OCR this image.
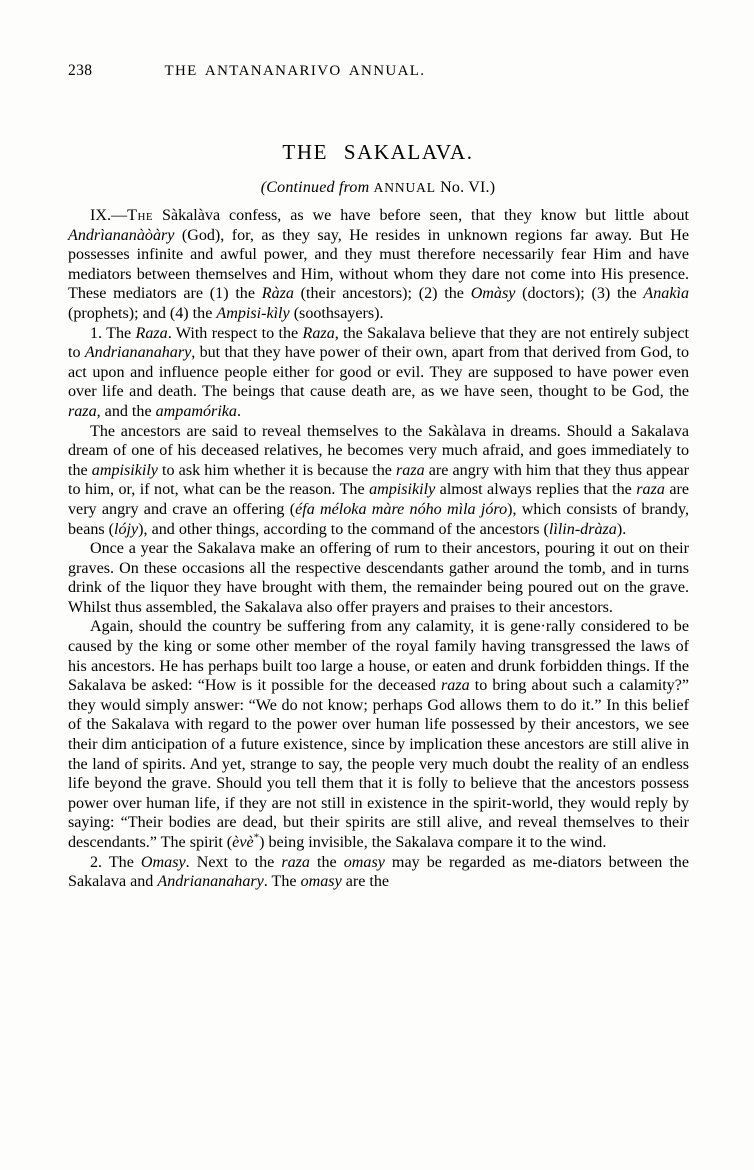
238	THE ANTANANARIVO ANNUAL.
THE SAKALAVA.
(Continued from ANNUAL No. VI.)

IX.—The Sàkalàva confess, as we have before seen, that they know but little about Andrìananàòàry (God), for, as they say, He resides in unknown regions far away. But He possesses infinite and awful power, and they must therefore necessarily fear Him and have mediators between themselves and Him, without whom they dare not come into His presence. These mediators are (1) the Ràza (their ancestors); (2) the Omàsy (doctors); (3) the Anakìa (prophets); and (4) the Ampisi-kìly (soothsayers).

1. The Raza. With respect to the Raza, the Sakalava believe that they are not entirely subject to Andriananahary, but that they have power of their own, apart from that derived from God, to act upon and influence people either for good or evil. They are supposed to have power even over life and death. The beings that cause death are, as we have seen, thought to be God, the raza, and the ampamórika.

The ancestors are said to reveal themselves to the Sakàlava in dreams. Should a Sakalava dream of one of his deceased relatives, he becomes very much afraid, and goes immediately to the ampisikily to ask him whether it is because the raza are angry with him that they thus appear to him, or, if not, what can be the reason. The ampisikily almost always replies that the raza are very angry and crave an offering (éfa méloka màre nóho mìla jóro), which consists of brandy, beans (lójy), and other things, according to the command of the ancestors (lìlin-dràza).

Once a year the Sakalava make an offering of rum to their ancestors, pouring it out on their graves. On these occasions all the respective descendants gather around the tomb, and in turns drink of the liquor they have brought with them, the remainder being poured out on the grave. Whilst thus assembled, the Sakalava also offer prayers and praises to their ancestors.

Again, should the country be suffering from any calamity, it is gene·rally considered to be caused by the king or some other member of the royal family having transgressed the laws of his ancestors. He has perhaps built too large a house, or eaten and drunk forbidden things. If the Sakalava be asked: “How is it possible for the deceased raza to bring about such a calamity?” they would simply answer: “We do not know; perhaps God allows them to do it.” In this belief of the Sakalava with regard to the power over human life possessed by their ancestors, we see their dim anticipation of a future existence, since by implication these ancestors are still alive in the land of spirits. And yet, strange to say, the people very much doubt the reality of an endless life beyond the grave. Should you tell them that it is folly to believe that the ancestors possess power over human life, if they are not still in existence in the spirit-world, they would reply by saying: “Their bodies are dead, but their spirits are still alive, and reveal themselves to their descendants.” The spirit (èvè*) being invisible, the Sakalava compare it to the wind.

2. The Omasy. Next to the raza the omasy may be regarded as me-diators between the Sakalava and Andriananahary. The omasy are the
